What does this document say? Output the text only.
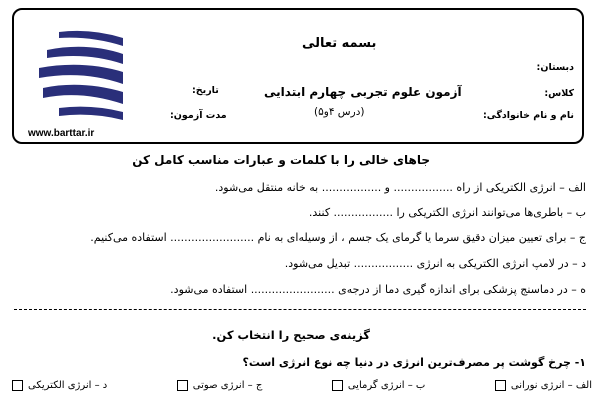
www.barttar.ir
بسمه تعالی
دبستان:
کلاس:
آزمون علوم تجربی چهارم ابتدایی
(درس ۴و۵)
تاریخ:
نام و نام خانوادگی:
مدت آزمون:
جاهای خالی را با کلمات و عبارات مناسب کامل کن
الف – انرژی الکتریکی از راه ................. و ................. به خانه منتقل می‌شود.
ب – باطری‌ها می‌توانند انرژی الکتریکی را ................. کنند.
ج – برای تعیین میزان دقیق سرما یا گرمای یک جسم ، از وسیله‌ای به نام ........................ استفاده می‌کنیم.
د – در لامپ انرژی الکتریکی به انرژی ................. تبدیل می‌شود.
ه – در دماسنج پزشکی برای اندازه گیری دما از درجه‌ی ........................ استفاده می‌شود.
گزینه‌ی صحیح را انتخاب کن.
۱- چرخ گوشت پر مصرف‌ترین انرژی در دنیا چه نوع انرژی است؟
الف – انرژی نورانی
ب – انرژی گرمایی
ج – انرژی صوتی
د – انرژی الکتریکی
